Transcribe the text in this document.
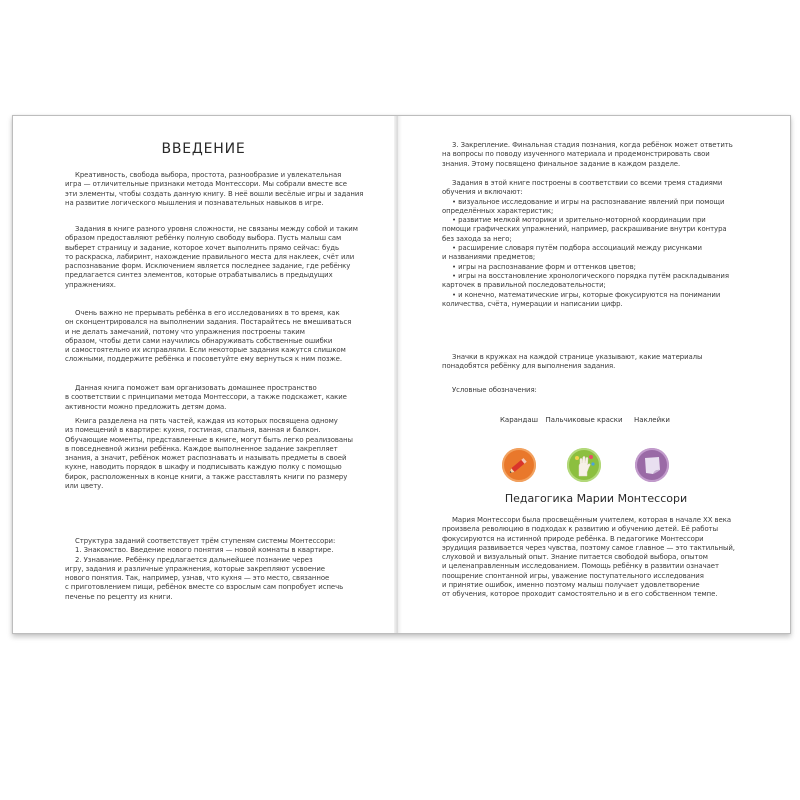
ВВЕДЕНИЕ

Креативность, свобода выбора, простота, разнообразие и увлекательная

игра — отличительные признаки метода Монтессори. Мы собрали вместе все

эти элементы, чтобы создать данную книгу. В неё вошли весёлые игры и задания

на развитие логического мышления и познавательных навыков в игре.

Задания в книге разного уровня сложности, не связаны между собой и таким

образом предоставляют ребёнку полную свободу выбора. Пусть малыш сам

выберет страницу и задание, которое хочет выполнить прямо сейчас: будь

то раскраска, лабиринт, нахождение правильного места для наклеек, счёт или

распознавание форм. Исключением является последнее задание, где ребёнку

предлагается синтез элементов, которые отрабатывались в предыдущих

упражнениях.

Очень важно не прерывать ребёнка в его исследованиях в то время, как

он сконцентрировался на выполнении задания. Постарайтесь не вмешиваться

и не делать замечаний, потому что упражнения построены таким

образом, чтобы дети сами научились обнаруживать собственные ошибки

и самостоятельно их исправляли. Если некоторые задания кажутся слишком

сложными, поддержите ребёнка и посоветуйте ему вернуться к ним позже.

Данная книга поможет вам организовать домашнее пространство

в соответствии с принципами метода Монтессори, а также подскажет, какие

активности можно предложить детям дома.

Книга разделена на пять частей, каждая из которых посвящена одному

из помещений в квартире: кухня, гостиная, спальня, ванная и балкон.

Обучающие моменты, представленные в книге, могут быть легко реализованы

в повседневной жизни ребёнка. Каждое выполненное задание закрепляет

знания, а значит, ребёнок может распознавать и называть предметы в своей

кухне, наводить порядок в шкафу и подписывать каждую полку с помощью

бирок, расположенных в конце книги, а также расставлять книги по размеру

или цвету.

Структура заданий соответствует трём ступеням системы Монтессори:

1. Знакомство. Введение нового понятия — новой комнаты в квартире.

2. Узнавание. Ребёнку предлагается дальнейшее познание через

игру, задания и различные упражнения, которые закрепляют усвоение

нового понятия. Так, например, узнав, что кухня — это место, связанное

с приготовлением пищи, ребёнок вместе со взрослым сам попробует испечь

печенье по рецепту из книги.

3. Закрепление. Финальная стадия познания, когда ребёнок может ответить

на вопросы по поводу изученного материала и продемонстрировать свои

знания. Этому посвящено финальное задание в каждом разделе.

Задания в этой книге построены в соответствии со всеми тремя стадиями

обучения и включают:

• визуальное исследование и игры на распознавание явлений при помощи

определённых характеристик;

• развитие мелкой моторики и зрительно-моторной координации при

помощи графических упражнений, например, раскрашивание внутри контура

без захода за него;

• расширение словаря путём подбора ассоциаций между рисунками

и названиями предметов;

• игры на распознавание форм и оттенков цветов;

• игры на восстановление хронологического порядка путём раскладывания

карточек в правильной последовательности;

• и конечно, математические игры, которые фокусируются на понимании

количества, счёта, нумерации и написании цифр.

Значки в кружках на каждой странице указывают, какие материалы

понадобятся ребёнку для выполнения задания.

Условные обозначения:

Карандаш	Пальчиковые краски	Наклейки
Педагогика Марии Монтессори

Мария Монтессори была просвещённым учителем, которая в начале XX века

произвела революцию в подходах к развитию и обучению детей. Её работы

фокусируются на истинной природе ребёнка. В педагогике Монтессори

эрудиция развивается через чувства, поэтому самое главное — это тактильный,

слуховой и визуальный опыт. Знание питается свободой выбора, опытом

и целенаправленным исследованием. Помощь ребёнку в развитии означает

поощрение спонтанной игры, уважение поступательного исследования

и принятие ошибок, именно поэтому малыш получает удовлетворение

от обучения, которое проходит самостоятельно и в его собственном темпе.
